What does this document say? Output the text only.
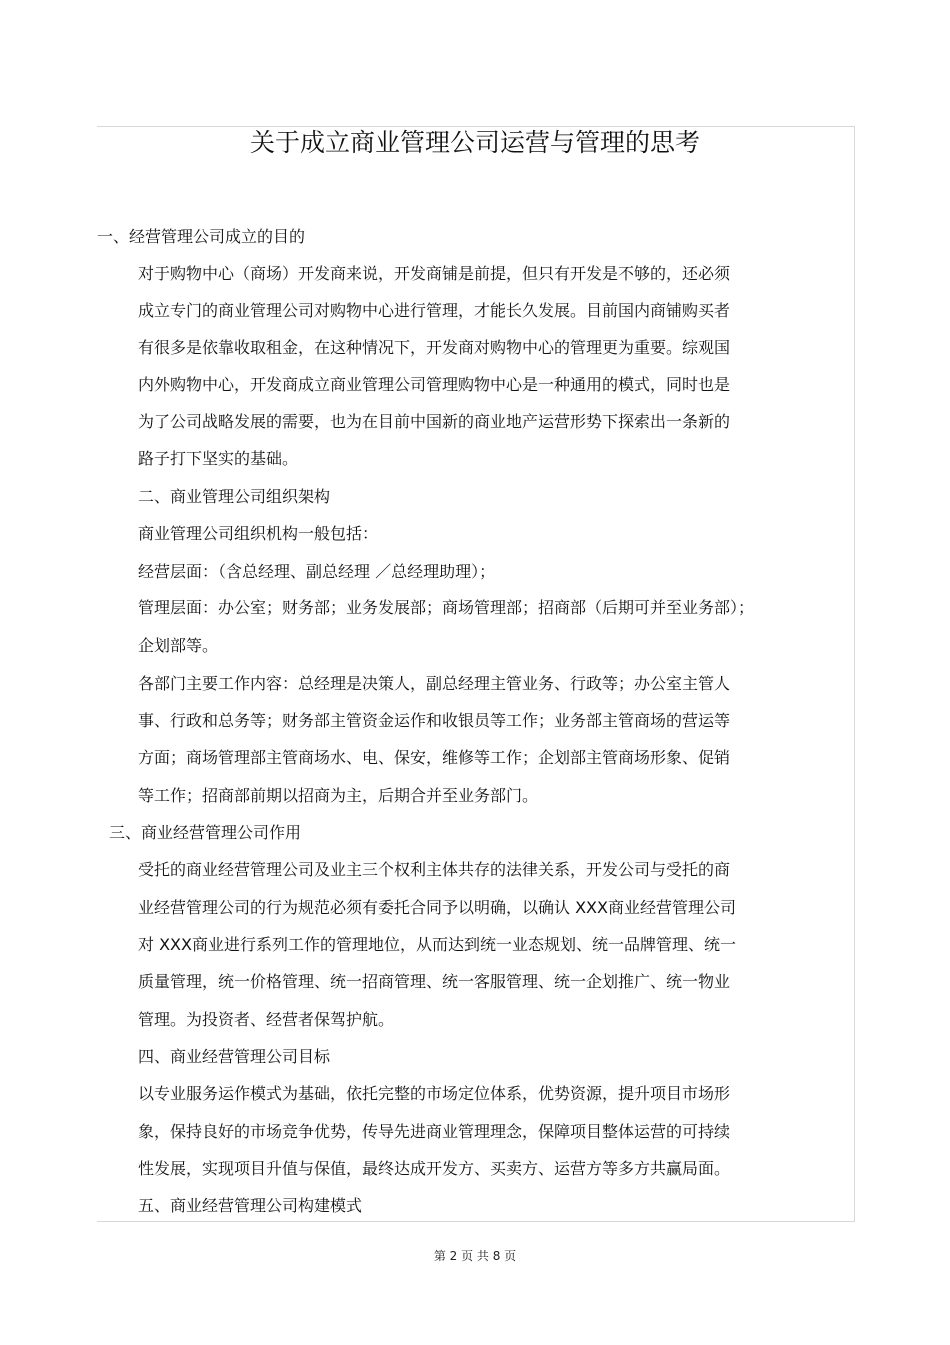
关于成立商业管理公司运营与管理的思考
一、经营管理公司成立的目的
对于购物中心（商场）开发商来说，开发商铺是前提，但只有开发是不够的，还必须
成立专门的商业管理公司对购物中心进行管理，才能长久发展。目前国内商铺购买者
有很多是依靠收取租金，在这种情况下，开发商对购物中心的管理更为重要。综观国
内外购物中心，开发商成立商业管理公司管理购物中心是一种通用的模式，同时也是
为了公司战略发展的需要，也为在目前中国新的商业地产运营形势下探索出一条新的
路子打下坚实的基础。
二、商业管理公司组织架构
商业管理公司组织机构一般包括：
经营层面：（含总经理、副总经理 ／总经理助理）；
管理层面：办公室；财务部；业务发展部；商场管理部；招商部（后期可并至业务部）；
企划部等。
各部门主要工作内容：总经理是决策人，副总经理主管业务、行政等；办公室主管人
事、行政和总务等；财务部主管资金运作和收银员等工作；业务部主管商场的营运等
方面；商场管理部主管商场水、电、保安，维修等工作；企划部主管商场形象、促销
等工作；招商部前期以招商为主，后期合并至业务部门。
三、商业经营管理公司作用
受托的商业经营管理公司及业主三个权利主体共存的法律关系，开发公司与受托的商
业经营管理公司的行为规范必须有委托合同予以明确，以确认 XXX商业经营管理公司
对 XXX商业进行系列工作的管理地位，从而达到统一业态规划、统一品牌管理、统一
质量管理，统一价格管理、统一招商管理、统一客服管理、统一企划推广、统一物业
管理。为投资者、经营者保驾护航。
四、商业经营管理公司目标
以专业服务运作模式为基础，依托完整的市场定位体系，优势资源，提升项目市场形
象，保持良好的市场竞争优势，传导先进商业管理理念，保障项目整体运营的可持续
性发展，实现项目升值与保值，最终达成开发方、买卖方、运营方等多方共赢局面。
五、商业经营管理公司构建模式
第 2 页 共 8 页
